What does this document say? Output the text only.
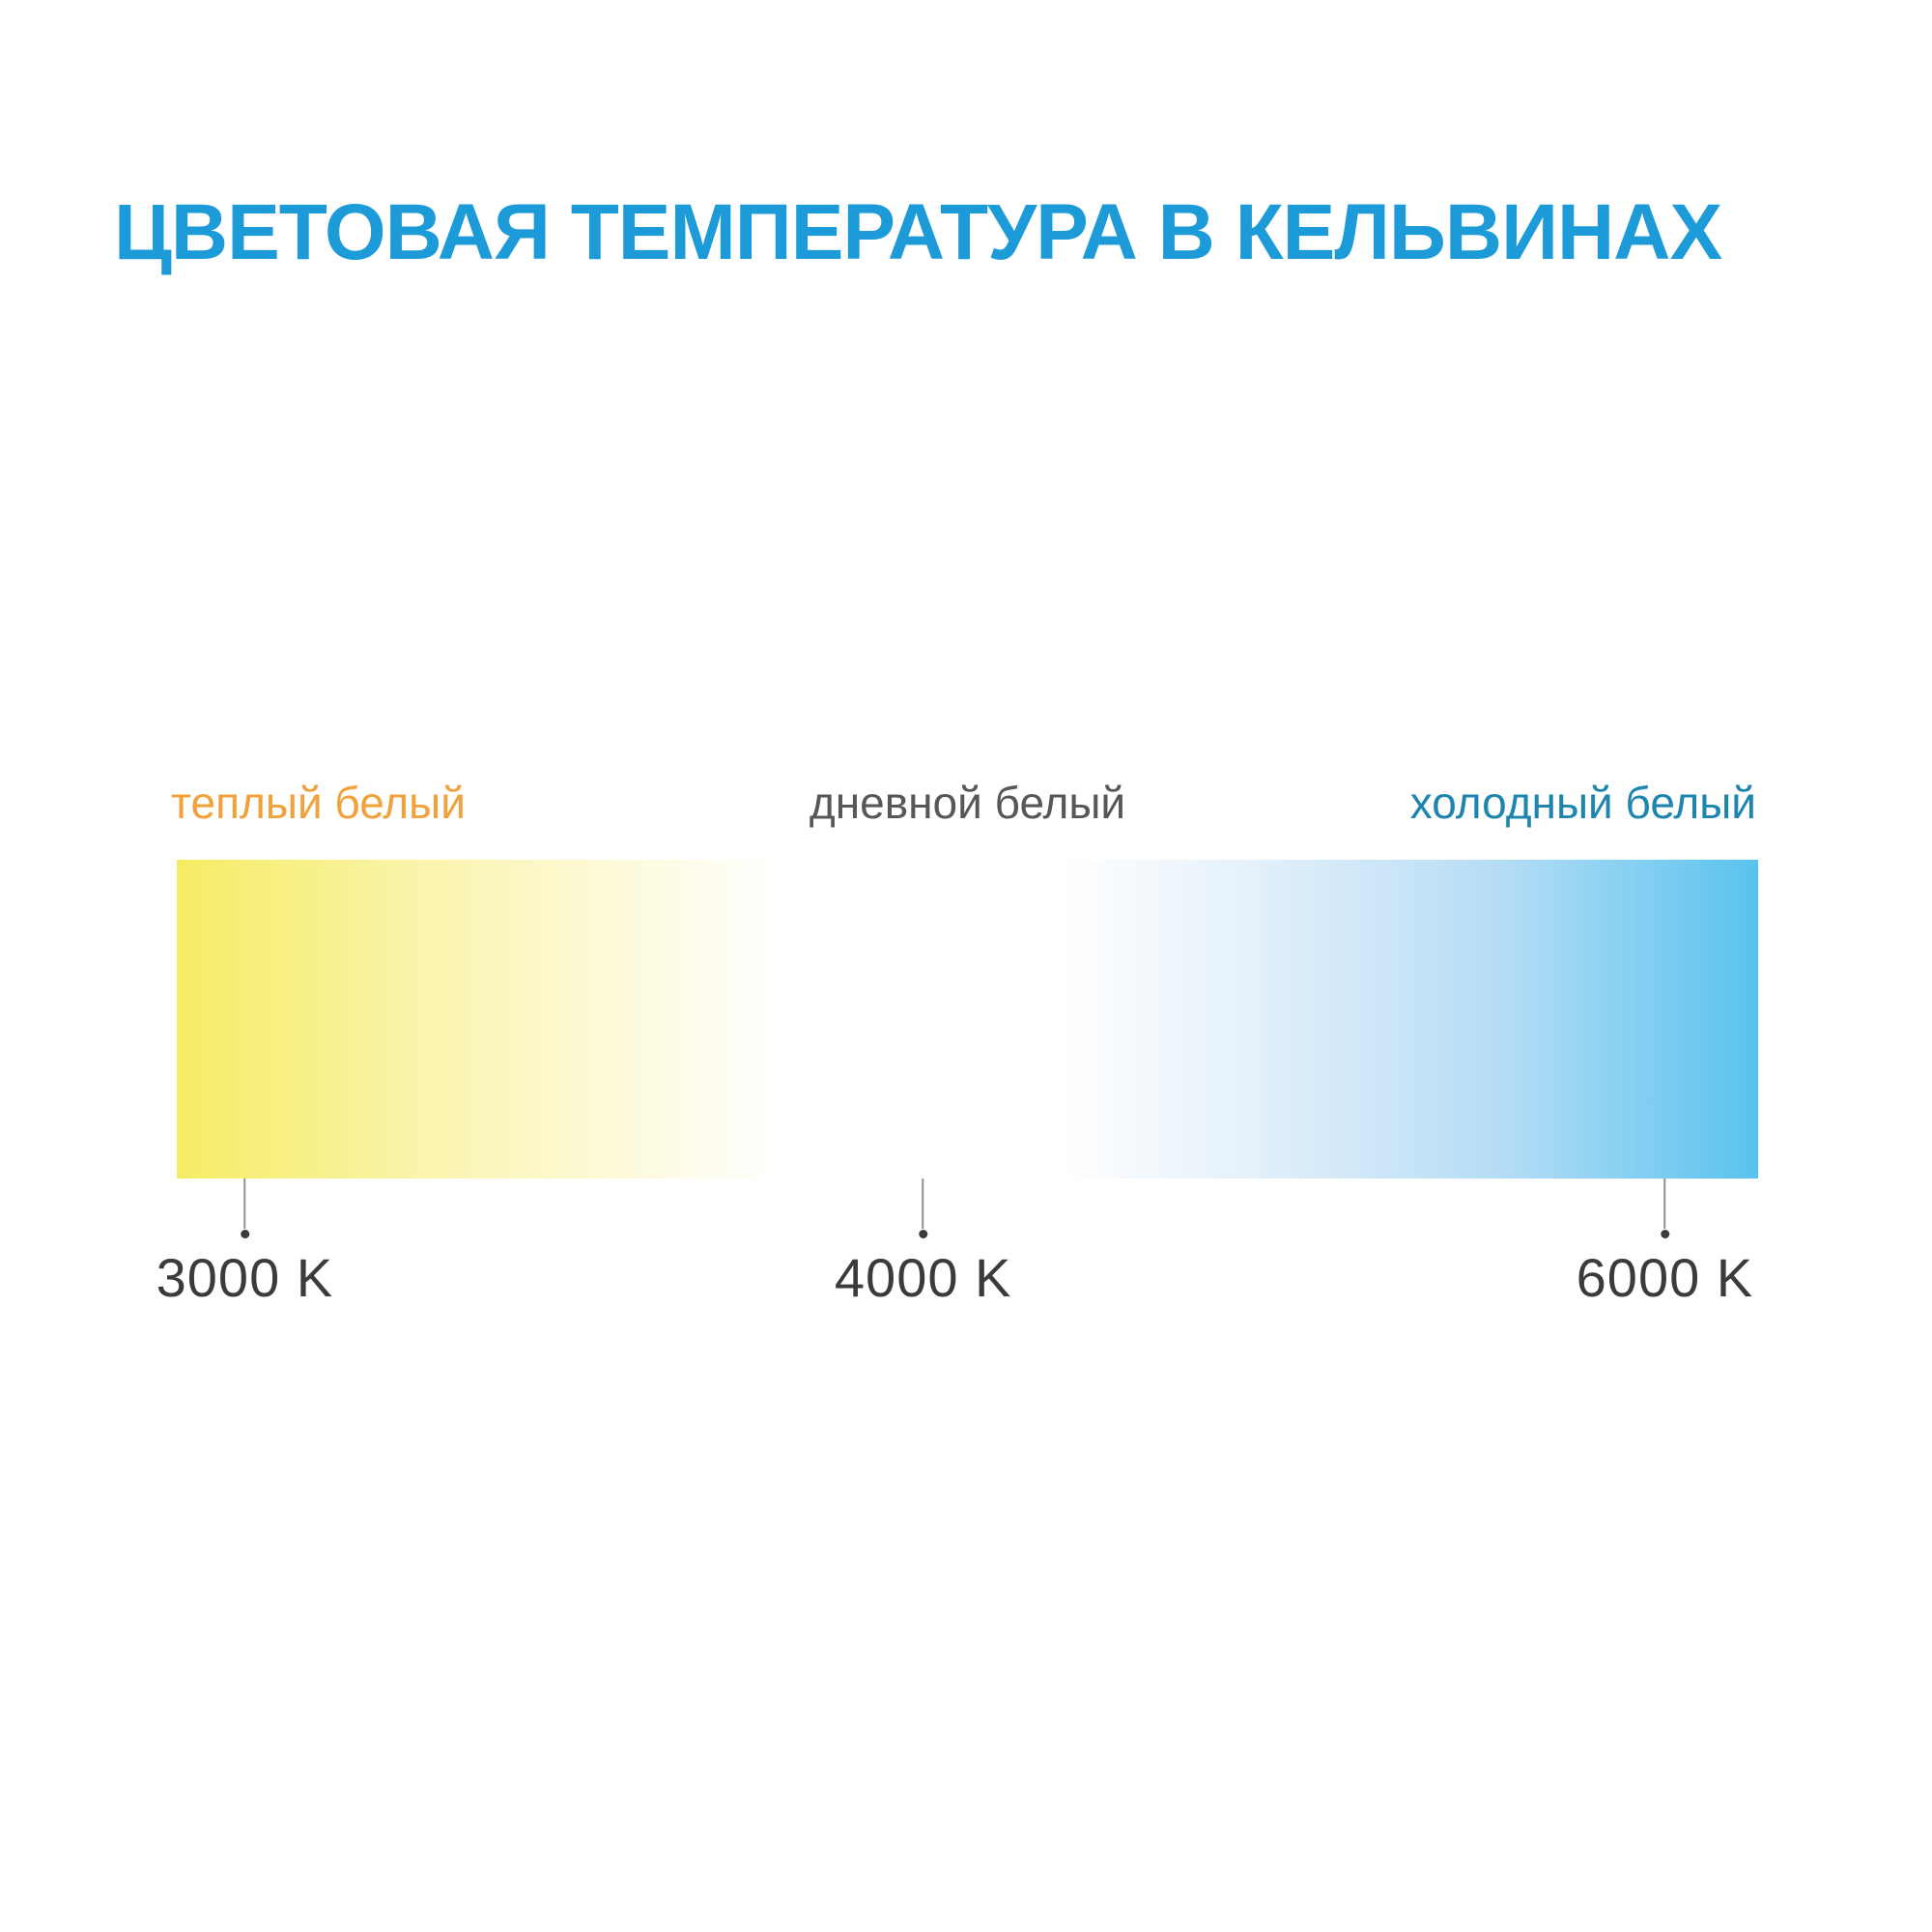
ЦВЕТОВАЯ ТЕМПЕРАТУРА В КЕЛЬВИНАХ
теплый белый	дневной белый	холодный белый
3000 K	4000 K	6000 K
